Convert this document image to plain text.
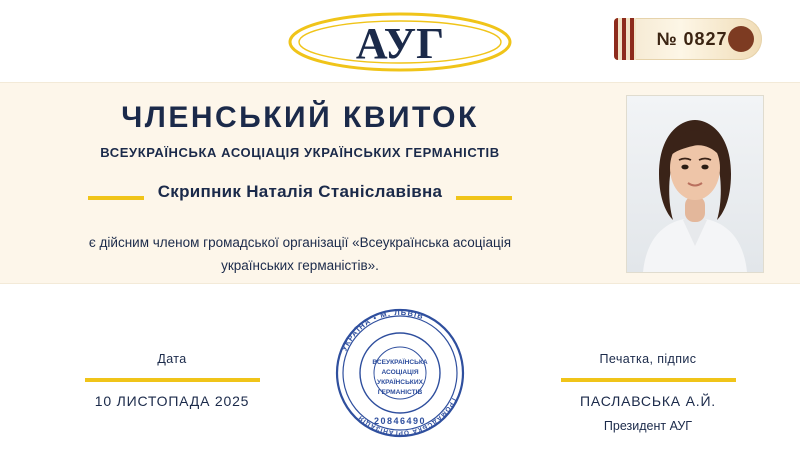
АУГ	№ 0827
ЧЛЕНСЬКИЙ КВИТОК
ВСЕУКРАЇНСЬКА АСОЦІАЦІЯ УКРАЇНСЬКИХ ГЕРМАНІСТІВ
Скрипник Наталія Станіславівна
є дійсним членом громадської організації «Всеукраїнська асоціація українських германістів».
Дата
10 ЛИСТОПАДА 2025
УКРАЇНА • М. ЛЬВІВ
ГРОМАДСЬКА ОРГАНІЗАЦІЯ
ВСЕУКРАЇНСЬКА
АСОЦІАЦІЯ
УКРАЇНСЬКИХ
ГЕРМАНІСТІВ
20846490
Печатка, підпис
ПАСЛАВСЬКА А.Й.
Президент АУГ
